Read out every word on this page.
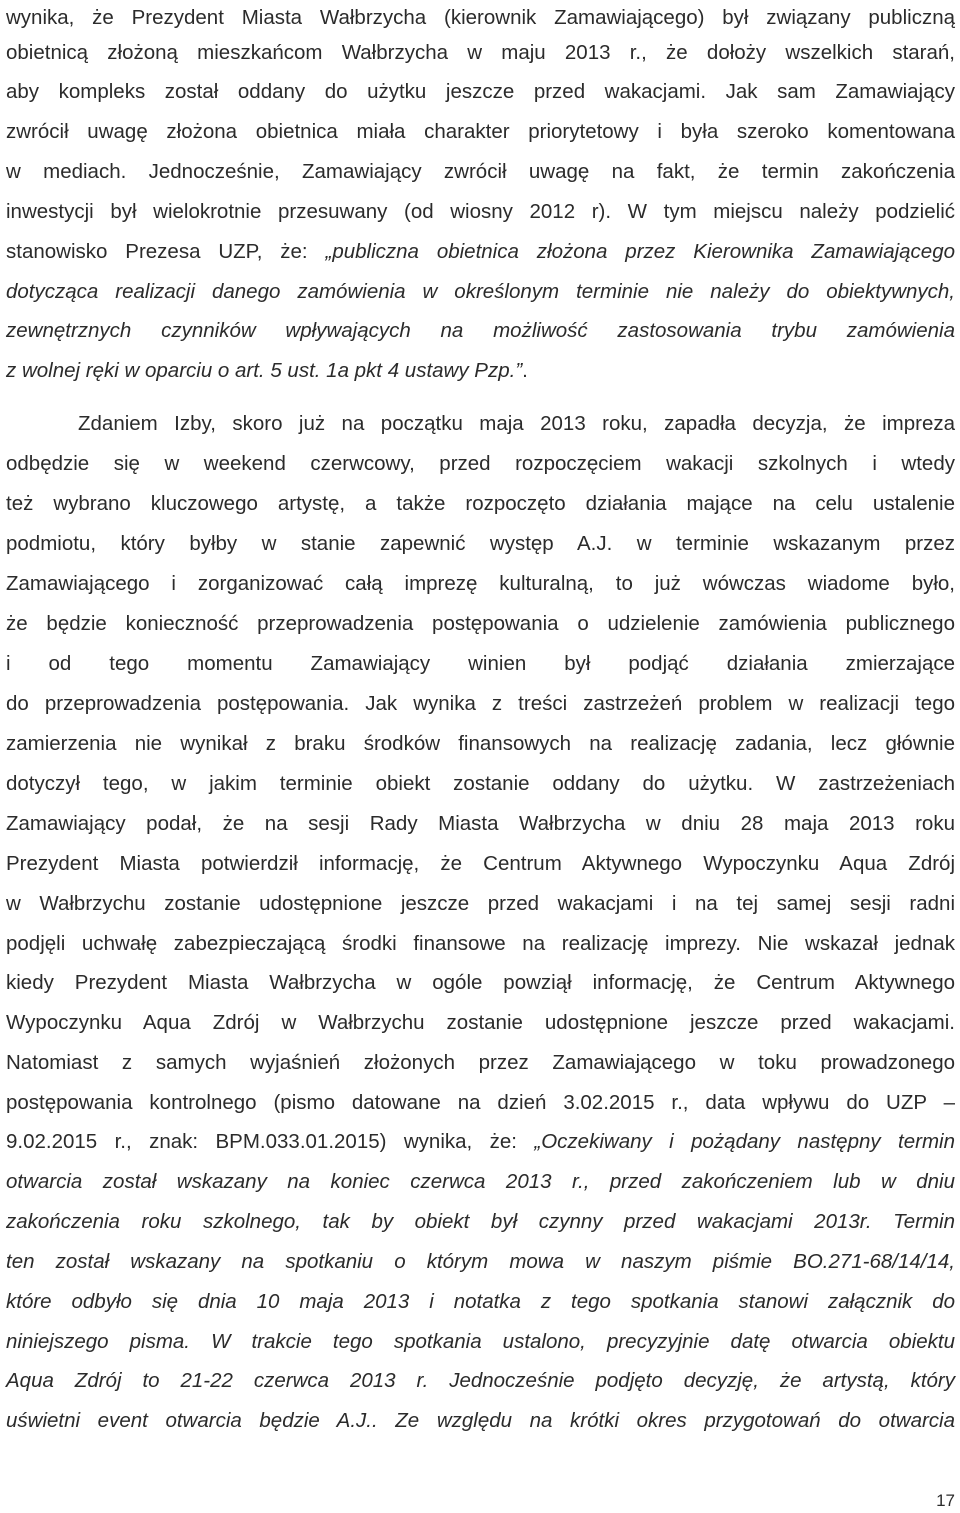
wynika, że Prezydent Miasta Wałbrzycha (kierownik Zamawiającego) był związany publiczną
obietnicą złożoną mieszkańcom Wałbrzycha w maju 2013 r., że dołoży wszelkich starań,
aby kompleks został oddany do użytku jeszcze przed wakacjami. Jak sam Zamawiający
zwrócił uwagę złożona obietnica miała charakter priorytetowy i była szeroko komentowana
w mediach. Jednocześnie, Zamawiający zwrócił uwagę na fakt, że termin zakończenia
inwestycji był wielokrotnie przesuwany (od wiosny 2012 r). W tym miejscu należy podzielić
stanowisko Prezesa UZP, że: „publiczna obietnica złożona przez Kierownika Zamawiającego
dotycząca realizacji danego zamówienia w określonym terminie nie należy do obiektywnych,
zewnętrznych czynników wpływających na możliwość zastosowania trybu zamówienia
z wolnej ręki w oparciu o art. 5 ust. 1a pkt 4 ustawy Pzp.”.
Zdaniem Izby, skoro już na początku maja 2013 roku, zapadła decyzja, że impreza
odbędzie się w weekend czerwcowy, przed rozpoczęciem wakacji szkolnych i wtedy
też wybrano kluczowego artystę, a także rozpoczęto działania mające na celu ustalenie
podmiotu, który byłby w stanie zapewnić występ A.J. w terminie wskazanym przez
Zamawiającego i zorganizować całą imprezę kulturalną, to już wówczas wiadome było,
że będzie konieczność przeprowadzenia postępowania o udzielenie zamówienia publicznego
i od tego momentu Zamawiający winien był podjąć działania zmierzające
do przeprowadzenia postępowania. Jak wynika z treści zastrzeżeń problem w realizacji tego
zamierzenia nie wynikał z braku środków finansowych na realizację zadania, lecz głównie
dotyczył tego, w jakim terminie obiekt zostanie oddany do użytku. W zastrzeżeniach
Zamawiający podał, że na sesji Rady Miasta Wałbrzycha w dniu 28 maja 2013 roku
Prezydent Miasta potwierdził informację, że Centrum Aktywnego Wypoczynku Aqua Zdrój
w Wałbrzychu zostanie udostępnione jeszcze przed wakacjami i na tej samej sesji radni
podjęli uchwałę zabezpieczającą środki finansowe na realizację imprezy. Nie wskazał jednak
kiedy Prezydent Miasta Wałbrzycha w ogóle powziął informację, że Centrum Aktywnego
Wypoczynku Aqua Zdrój w Wałbrzychu zostanie udostępnione jeszcze przed wakacjami.
Natomiast z samych wyjaśnień złożonych przez Zamawiającego w toku prowadzonego
postępowania kontrolnego (pismo datowane na dzień 3.02.2015 r., data wpływu do UZP –
9.02.2015 r., znak: BPM.033.01.2015) wynika, że: „Oczekiwany i pożądany następny termin
otwarcia został wskazany na koniec czerwca 2013 r., przed zakończeniem lub w dniu
zakończenia roku szkolnego, tak by obiekt był czynny przed wakacjami 2013r. Termin
ten został wskazany na spotkaniu o którym mowa w naszym piśmie BO.271-68/14/14,
które odbyło się dnia 10 maja 2013 i notatka z tego spotkania stanowi załącznik do
niniejszego pisma. W trakcie tego spotkania ustalono, precyzyjnie datę otwarcia obiektu
Aqua Zdrój to 21-22 czerwca 2013 r. Jednocześnie podjęto decyzję, że artystą, który
uświetni event otwarcia będzie A.J.. Ze względu na krótki okres przygotowań do otwarcia
17
